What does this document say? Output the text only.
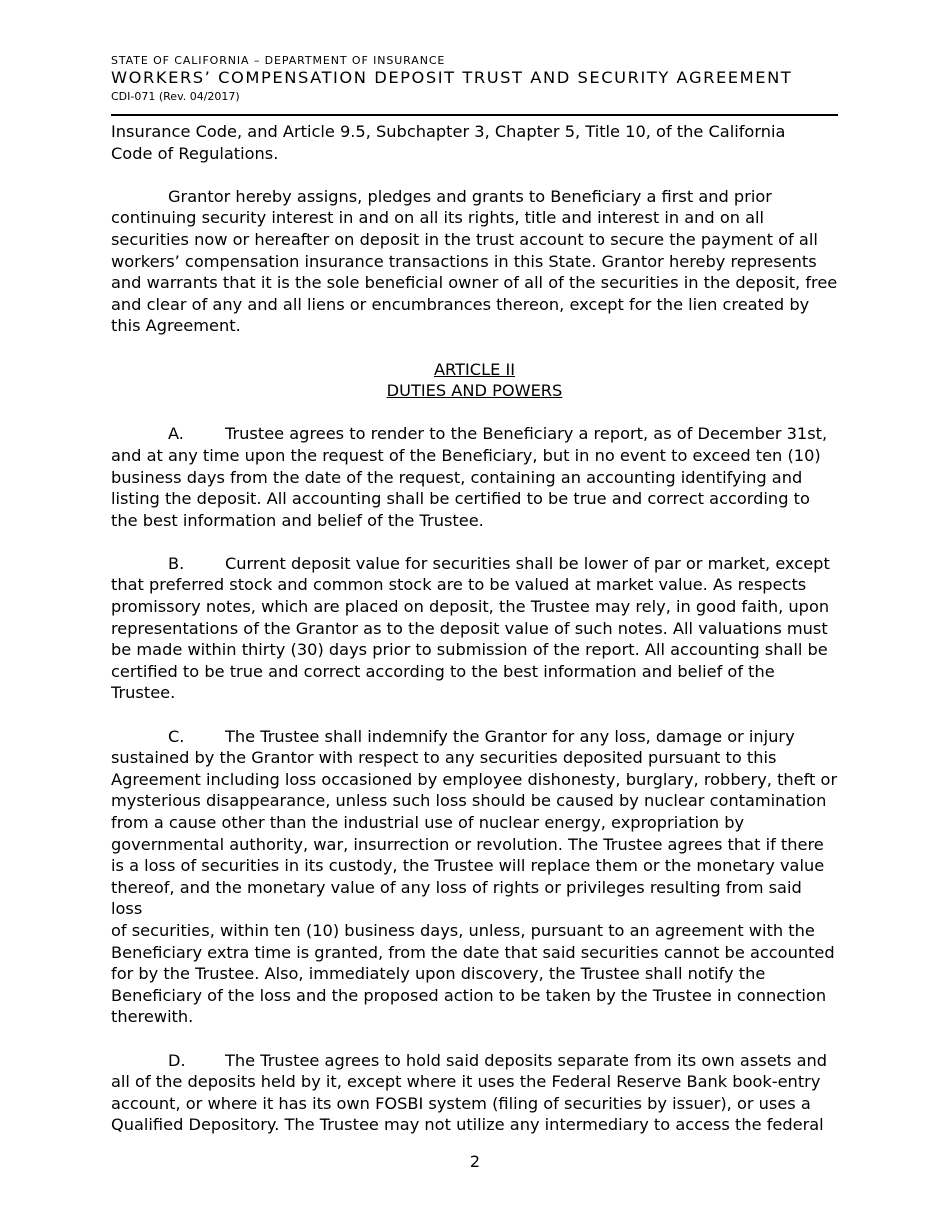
STATE OF CALIFORNIA – DEPARTMENT OF INSURANCE
WORKERS’ COMPENSATION DEPOSIT TRUST AND SECURITY AGREEMENT
CDI-071 (Rev. 04/2017)

Insurance Code, and Article 9.5, Subchapter 3, Chapter 5, Title 10, of the California
Code of Regulations.

Grantor hereby assigns, pledges and grants to Beneficiary a first and prior
continuing security interest in and on all its rights, title and interest in and on all
securities now or hereafter on deposit in the trust account to secure the payment of all
workers’ compensation insurance transactions in this State. Grantor hereby represents
and warrants that it is the sole beneficial owner of all of the securities in the deposit, free
and clear of any and all liens or encumbrances thereon, except for the lien created by
this Agreement.

ARTICLE II
DUTIES AND POWERS

A.	Trustee agrees to render to the Beneficiary a report, as of December 31st,
and at any time upon the request of the Beneficiary, but in no event to exceed ten (10)
business days from the date of the request, containing an accounting identifying and
listing the deposit. All accounting shall be certified to be true and correct according to
the best information and belief of the Trustee.

B.	Current deposit value for securities shall be lower of par or market, except
that preferred stock and common stock are to be valued at market value. As respects
promissory notes, which are placed on deposit, the Trustee may rely, in good faith, upon
representations of the Grantor as to the deposit value of such notes. All valuations must
be made within thirty (30) days prior to submission of the report. All accounting shall be
certified to be true and correct according to the best information and belief of the
Trustee.

C.	The Trustee shall indemnify the Grantor for any loss, damage or injury
sustained by the Grantor with respect to any securities deposited pursuant to this
Agreement including loss occasioned by employee dishonesty, burglary, robbery, theft or
mysterious disappearance, unless such loss should be caused by nuclear contamination
from a cause other than the industrial use of nuclear energy, expropriation by
governmental authority, war, insurrection or revolution. The Trustee agrees that if there
is a loss of securities in its custody, the Trustee will replace them or the monetary value
thereof, and the monetary value of any loss of rights or privileges resulting from said loss
of securities, within ten (10) business days, unless, pursuant to an agreement with the
Beneficiary extra time is granted, from the date that said securities cannot be accounted
for by the Trustee. Also, immediately upon discovery, the Trustee shall notify the
Beneficiary of the loss and the proposed action to be taken by the Trustee in connection
therewith.

D. The Trustee agrees to hold said deposits separate from its own assets and
all of the deposits held by it, except where it uses the Federal Reserve Bank book-entry
account, or where it has its own FOSBI system (filing of securities by issuer), or uses a
Qualified Depository. The Trustee may not utilize any intermediary to access the federal

2
